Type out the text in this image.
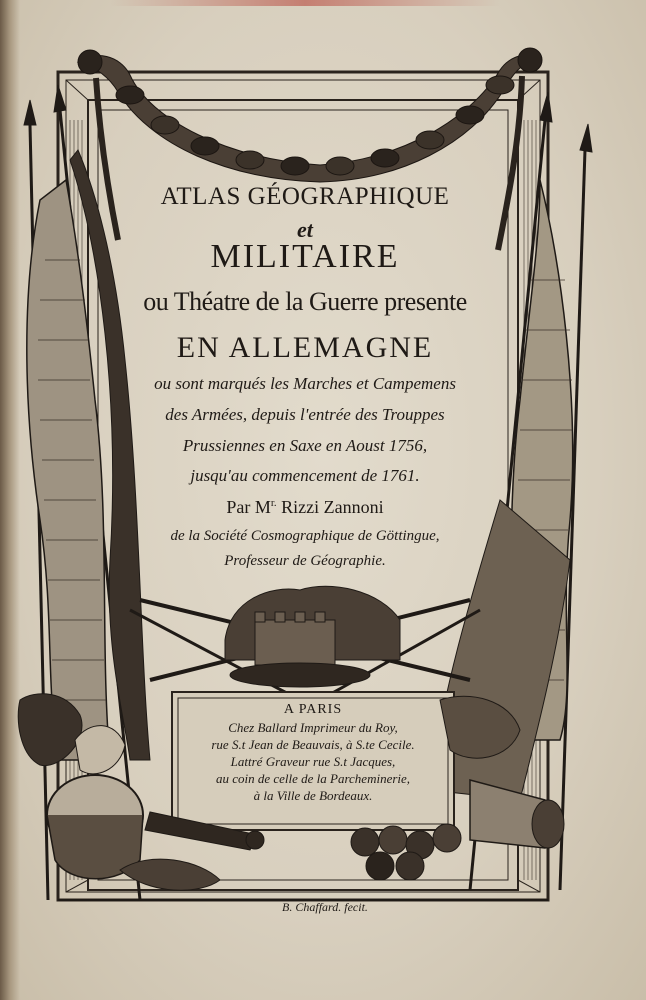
ATLAS GÉOGRAPHIQUE
et
MILITAIRE
ou Théatre de la Guerre presente
EN ALLEMAGNE
ou sont marqués les Marches et Campemens
des Armées, depuis l'entrée des Trouppes
Prussiennes en Saxe en Aoust 1756,
jusqu'au commencement de 1761.
Par $M^{r.}$ Rizzi Zannoni
de la Société Cosmographique de Göttingue,
Professeur de Géographie.
A PARIS
Chez Ballard Imprimeur du Roy,
rue S.t Jean de Beauvais, à S.te Cecile.
Lattré Graveur rue S.t Jacques,
au coin de celle de la Parcheminerie,
à la Ville de Bordeaux.
B. Chaffard. fecit.
